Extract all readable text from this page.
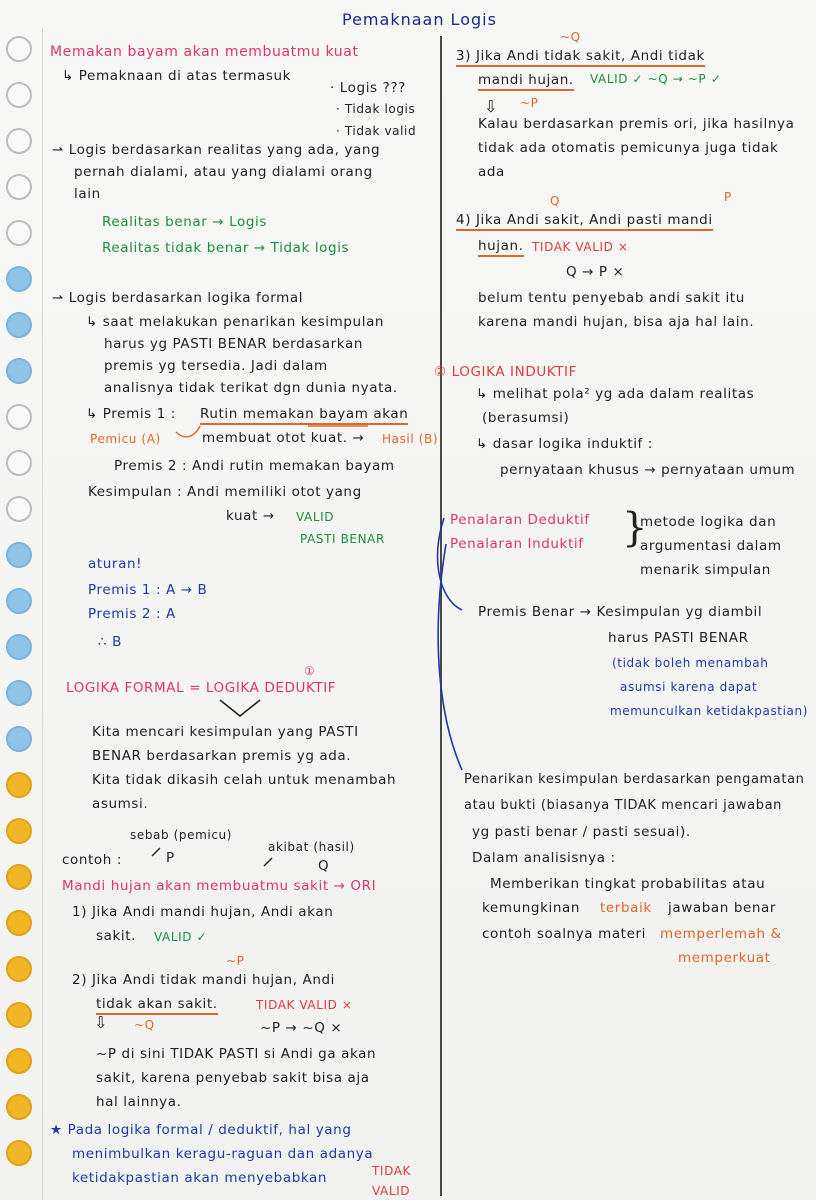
Pemaknaan Logis
Memakan bayam akan membuatmu kuat
↳ Pemaknaan di atas termasuk
· Logis ???
· Tidak logis
· Tidak valid
⇀ Logis berdasarkan realitas yang ada, yang
pernah dialami, atau yang dialami orang
lain
Realitas benar → Logis
Realitas tidak benar → Tidak logis
⇀ Logis berdasarkan logika formal
↳ saat melakukan penarikan kesimpulan
harus yg PASTI BENAR berdasarkan
premis yg tersedia. Jadi dalam
analisnya tidak terikat dgn dunia nyata.
↳ Premis 1 : Rutin memakan bayam akan
Pemicu (A)	membuat otot kuat. → Hasil (B)
Premis 2 : Andi rutin memakan bayam
Kesimpulan : Andi memiliki otot yang
kuat → VALID
PASTI BENAR
aturan!
Premis 1 : A → B
Premis 2 : A
∴ B
①
LOGIKA FORMAL = LOGIKA DEDUKTIF
Kita mencari kesimpulan yang PASTI
BENAR berdasarkan premis yg ada.
Kita tidak dikasih celah untuk menambah
asumsi.
sebab (pemicu)
akibat (hasil)
contoh :	P	Q
Mandi hujan akan membuatmu sakit → ORI
1) Jika Andi mandi hujan, Andi akan
sakit. VALID ✓
~P
2) Jika Andi tidak mandi hujan, Andi
tidak akan sakit.	TIDAK VALID ×
~Q	~P → ~Q ×
~P di sini TIDAK PASTI si Andi ga akan
sakit, karena penyebab sakit bisa aja
hal lainnya.
★ Pada logika formal / deduktif, hal yang
menimbulkan keragu-raguan dan adanya
ketidakpastian akan menyebabkan	TIDAK
VALID
~Q
3) Jika Andi tidak sakit, Andi tidak
mandi hujan. VALID ✓ ~Q → ~P ✓
~P
Kalau berdasarkan premis ori, jika hasilnya
tidak ada otomatis pemicunya juga tidak
ada
Q	P
4) Jika Andi sakit, Andi pasti mandi
hujan. TIDAK VALID ×
Q → P ×
belum tentu penyebab andi sakit itu
karena mandi hujan, bisa aja hal lain.
② LOGIKA INDUKTIF
↳ melihat pola² yg ada dalam realitas
(berasumsi)
↳ dasar logika induktif :
pernyataan khusus → pernyataan umum
Penalaran Deduktif
Penalaran Induktif }
metode logika dan
argumentasi dalam
menarik simpulan
Premis Benar → Kesimpulan yg diambil
harus PASTI BENAR
(tidak boleh menambah
asumsi karena dapat
memunculkan ketidakpastian)
Penarikan kesimpulan berdasarkan pengamatan
atau bukti (biasanya TIDAK mencari jawaban
yg pasti benar / pasti sesuai).
Dalam analisisnya :
Memberikan tingkat probabilitas atau
kemungkinan terbaik jawaban benar
contoh soalnya materi memperlemah &
memperkuat
⇩
⇩
